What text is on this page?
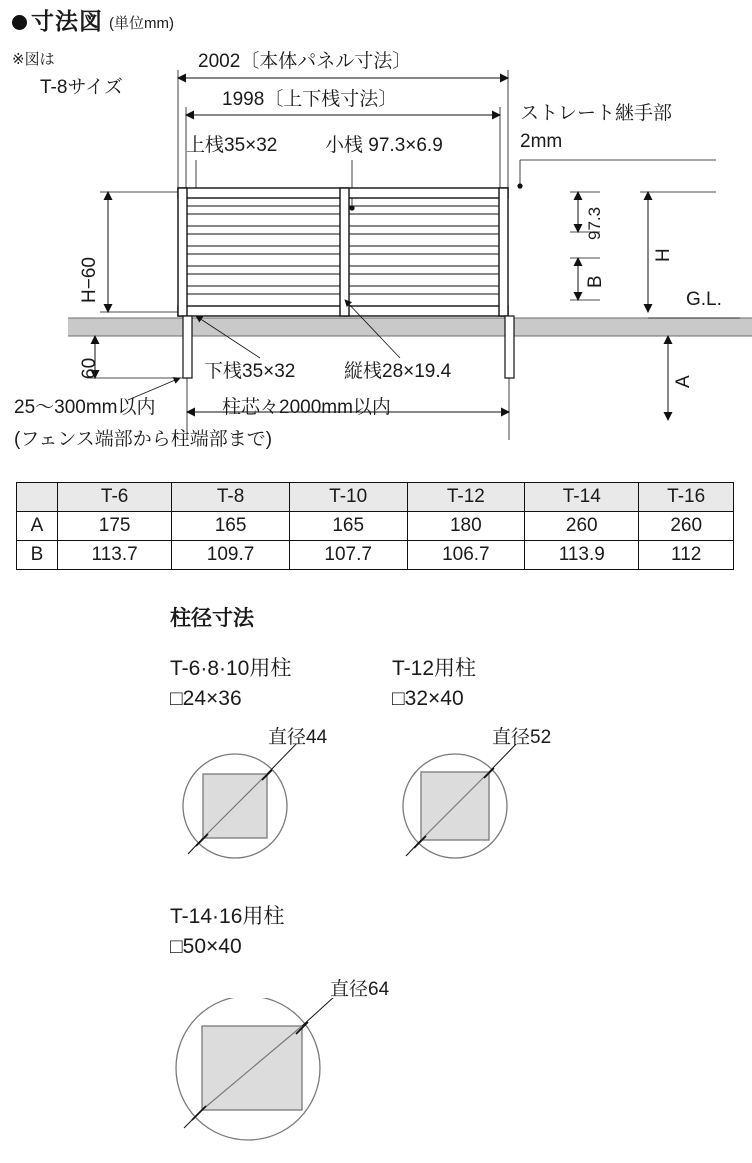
寸法図 (単位mm)
※図は
T-8サイズ
2002〔本体パネル寸法〕
1998〔上下桟寸法〕
上桟35×32	小桟 97.3×6.9
ストレート継手部
2mm
H−60
60
97.3
B
H
A
G.L.
下桟35×32	縦桟28×19.4
25〜300mm以内
(フェンス端部から柱端部まで)
柱芯々2000mm以内
	T-6	T-8	T-10	T-12	T-14	T-16
A	175	165	165	180	260	260
B	113.7	109.7	107.7	106.7	113.9	112
柱径寸法
T-6·8·10用柱
□24×36
直径44
T-12用柱
□32×40
直径52
T-14·16用柱
□50×40
直径64
